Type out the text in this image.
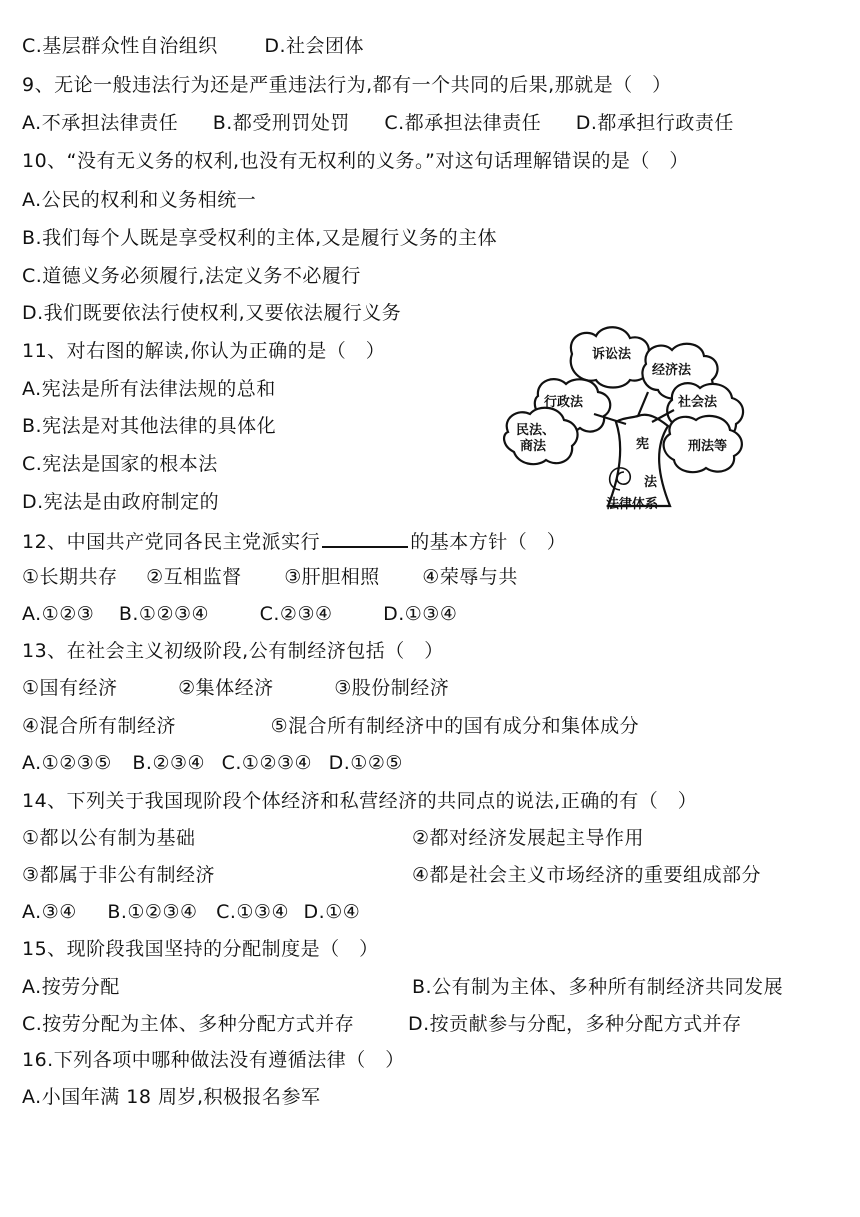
C.基层群众性自治组织 D.社会团体
9、无论一般违法行为还是严重违法行为,都有一个共同的后果,那就是（　）
A.不承担法律责任 B.都受刑罚处罚 C.都承担法律责任 D.都承担行政责任
10、“没有无义务的权利,也没有无权利的义务。”对这句话理解错误的是（　）
A.公民的权利和义务相统一
B.我们每个人既是享受权利的主体,又是履行义务的主体
C.道德义务必须履行,法定义务不必履行
D.我们既要依法行使权利,又要依法履行义务
11、对右图的解读,你认为正确的是（　）
A.宪法是所有法律法规的总和
B.宪法是对其他法律的具体化
C.宪法是国家的根本法
D.宪法是由政府制定的
诉讼法
经济法
行政法	社会法
民法、
商法	刑法等
宪
法
法律体系
12、中国共产党同各民主党派实行	的基本方针（　）
①长期共存 ②互相监督 ③肝胆相照 ④荣辱与共
A.①②③ B.①②③④	C.②③④	D.①③④
13、在社会主义初级阶段,公有制经济包括（　）
①国有经济	②集体经济	③股份制经济
④混合所有制经济	⑤混合所有制经济中的国有成分和集体成分
A.①②③⑤ B.②③④ C.①②③④ D.①②⑤
14、下列关于我国现阶段个体经济和私营经济的共同点的说法,正确的有（　）
①都以公有制为基础	②都对经济发展起主导作用
③都属于非公有制经济	④都是社会主义市场经济的重要组成部分
A.③④ B.①②③④ C.①③④ D.①④
15、现阶段我国坚持的分配制度是（　）
A.按劳分配	B.公有制为主体、多种所有制经济共同发展
C.按劳分配为主体、多种分配方式并存	D.按贡献参与分配，多种分配方式并存
16.下列各项中哪种做法没有遵循法律（　）
A.小国年满 18 周岁,积极报名参军
